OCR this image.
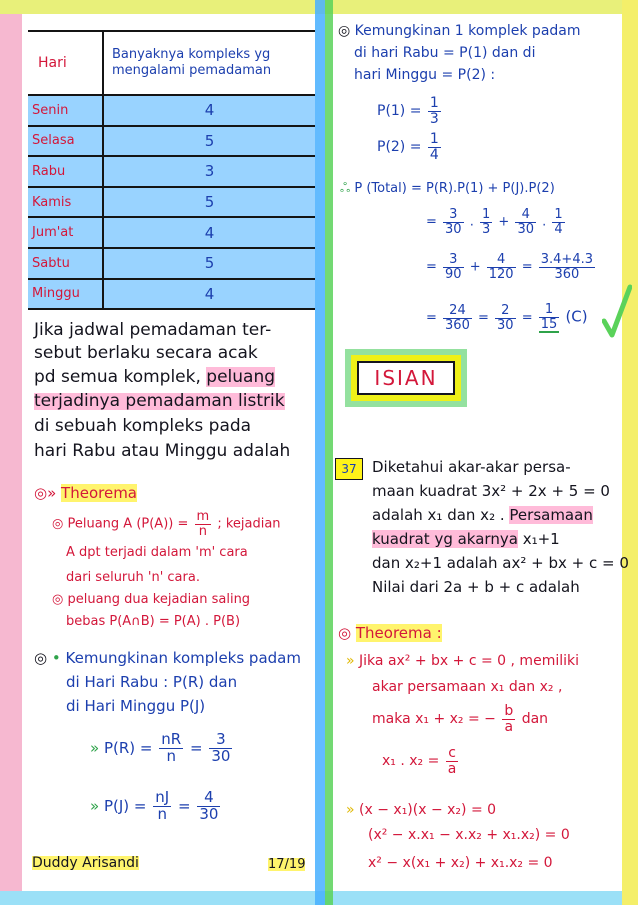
Hari	Banyaknya kompleks yg mengalami pemadaman
Senin	4
Selasa	5
Rabu	3
Kamis	5
Jum'at	4
Sabtu	5
Minggu	4
Jika jadwal pemadaman ter-
sebut berlaku secara acak
pd semua komplek, peluang
terjadinya pemadaman listrik
di sebuah kompleks pada
hari Rabu atau Minggu adalah
◎» Theorema
◎ Peluang A $(P(A)) = \frac{m}{n}$ ; kejadian
A dpt terjadi dalam 'm' cara
dari seluruh 'n' cara.
◎ peluang dua kejadian saling
bebas P(A∩B) = P(A) . P(B)
◎ • Kemungkinan kompleks padam
di Hari Rabu : P(R) dan
di Hari Minggu P(J)
» $P(R) = \frac{nR}{n} = \frac{3}{30}$
» $P(J) = \frac{nJ}{n} = \frac{4}{30}$
Duddy Arisandi	17/19
◎ Kemungkinan 1 komplek padam
di hari Rabu = P(1) dan di
hari Minggu = P(2) :
$P(1) = \frac{1}{3}$
$P(2) = \frac{1}{4}$
ஃ P (Total) = P(R).P(1) + P(J).P(2)
= $\frac{3}{30}$ . $\frac{1}{3} + \frac{4}{30}$ . $\frac{1}{4}$
= $\frac{3}{90} + \frac{4}{120} = \frac{3.4+4.3}{360}$
= $\frac{24}{360} = \frac{2}{30} = \frac{1}{15} (C)$
ISIAN
37	Diketahui akar-akar persa-
maan kuadrat 3x² + 2x + 5 = 0
adalah x₁ dan x₂ . Persamaan
kuadrat yg akarnya x₁+1
dan x₂+1 adalah ax² + bx + c = 0
Nilai dari 2a + b + c adalah
◎ Theorema :
» Jika ax² + bx + c = 0 , memiliki
akar persamaan x₁ dan x₂ ,
maka x₁ + x₂ = − $\frac{b}{a}$ dan
x₁ . $x_2 = \frac{c}{a}$
» (x − x₁)(x − x₂) = 0
(x² − x.x₁ − x.x₂ + x₁.x₂) = 0
x² − x(x₁ + x₂) + x₁.x₂ = 0
